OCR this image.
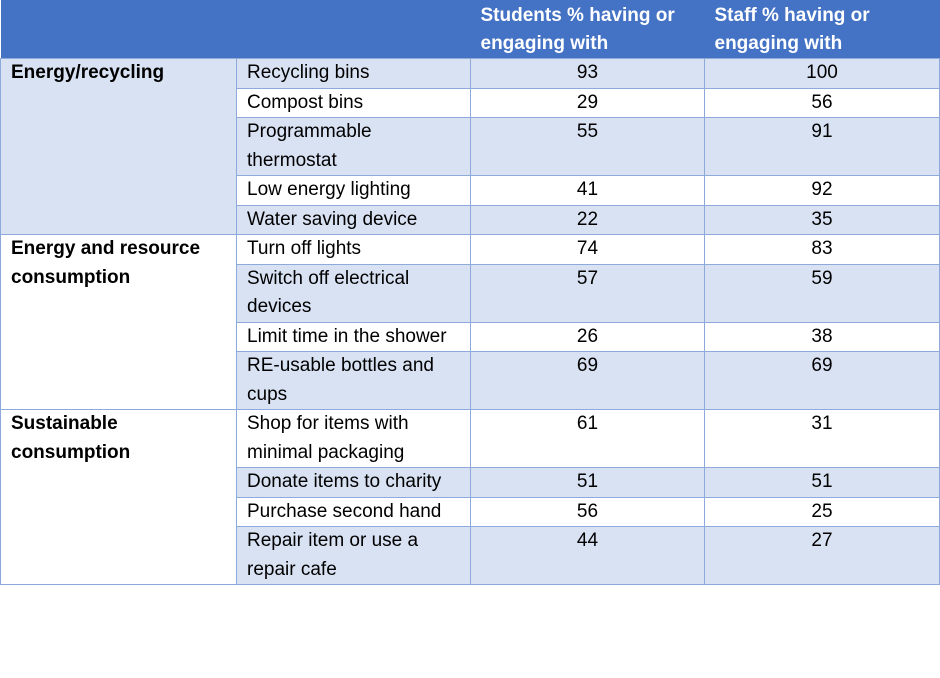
		Students % having or engaging with	Staff % having or engaging with
Energy/recycling	Recycling bins	93	100
	Compost bins	29	56
	Programmable thermostat	55	91
	Low energy lighting	41	92
	Water saving device	22	35
Energy and resource consumption	Turn off lights	74	83
	Switch off electrical devices	57	59
	Limit time in the shower	26	38
	RE-usable bottles and cups	69	69
Sustainable consumption	Shop for items with minimal packaging	61	31
	Donate items to charity	51	51
	Purchase second hand	56	25
	Repair item or use a repair cafe	44	27
